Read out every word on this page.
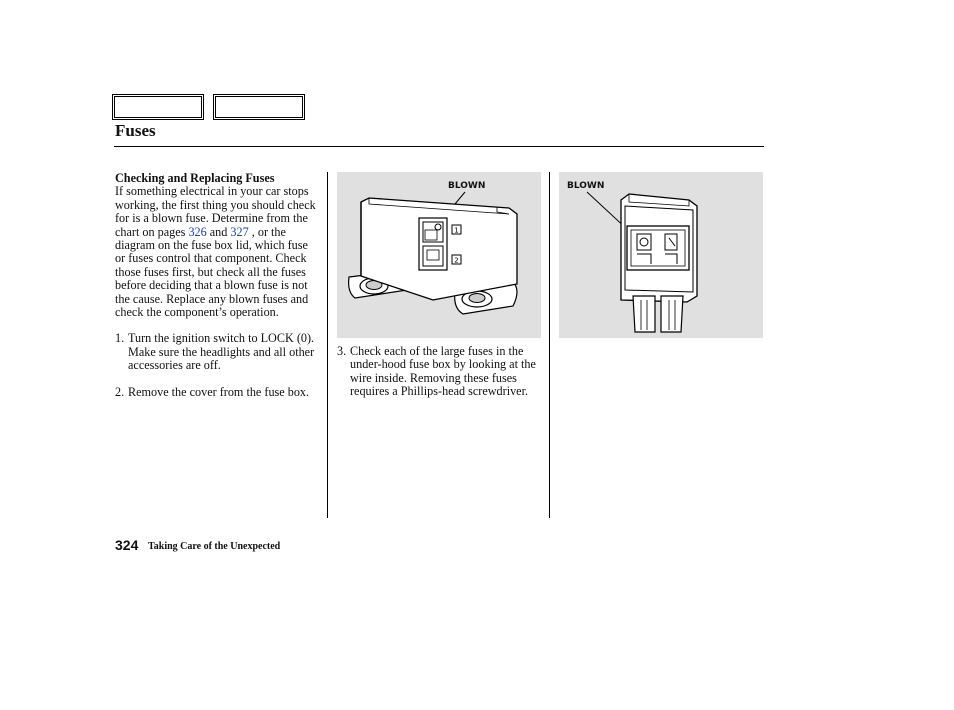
Fuses
Checking and Replacing Fuses
If something electrical in your car stops working, the first thing you should check for is a blown fuse. Determine from the chart on pages 326 and 327 , or the diagram on the fuse box lid, which fuse or fuses control that component. Check those fuses first, but check all the fuses before deciding that a blown fuse is not the cause. Replace any blown fuses and check the component’s operation.
1. Turn the ignition switch to LOCK (0). Make sure the headlights and all other accessories are off.
2. Remove the cover from the fuse box.
BLOWN
1
2
3. Check each of the large fuses in the under-hood fuse box by looking at the wire inside. Removing these fuses requires a Phillips-head screwdriver.
BLOWN
324 Taking Care of the Unexpected
